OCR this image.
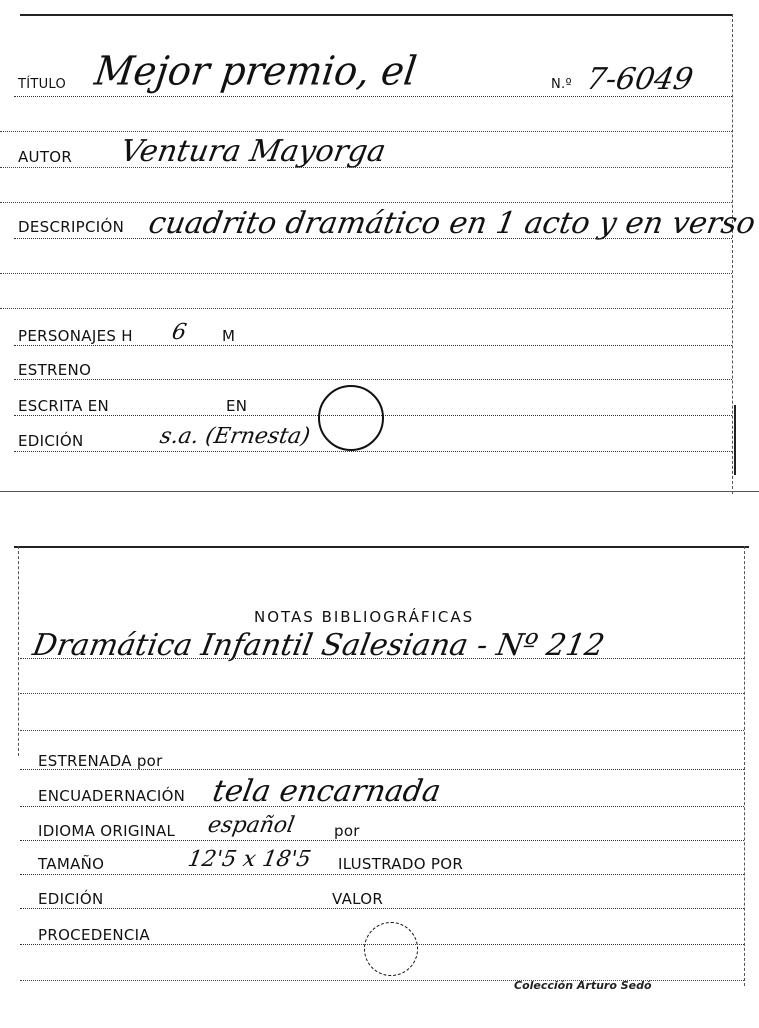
TÍTULO Mejor premio, el	N.º 7-6049
AUTOR Ventura Mayorga
DESCRIPCIÓN cuadrito dramático en 1 acto y en verso
PERSONAJES H 6 M
ESTRENO
ESCRITA EN	EN
EDICIÓN	s.a. (Ernesta)
NOTAS BIBLIOGRÁFICAS
Dramática Infantil Salesiana - Nº 212
ESTRENADA por
ENCUADERNACIÓN tela encarnada
IDIOMA ORIGINAL español	por
TAMAÑO	12'5 x 18'5 ILUSTRADO POR
EDICIÓN	VALOR
PROCEDENCIA
Colección Arturo Sedó
